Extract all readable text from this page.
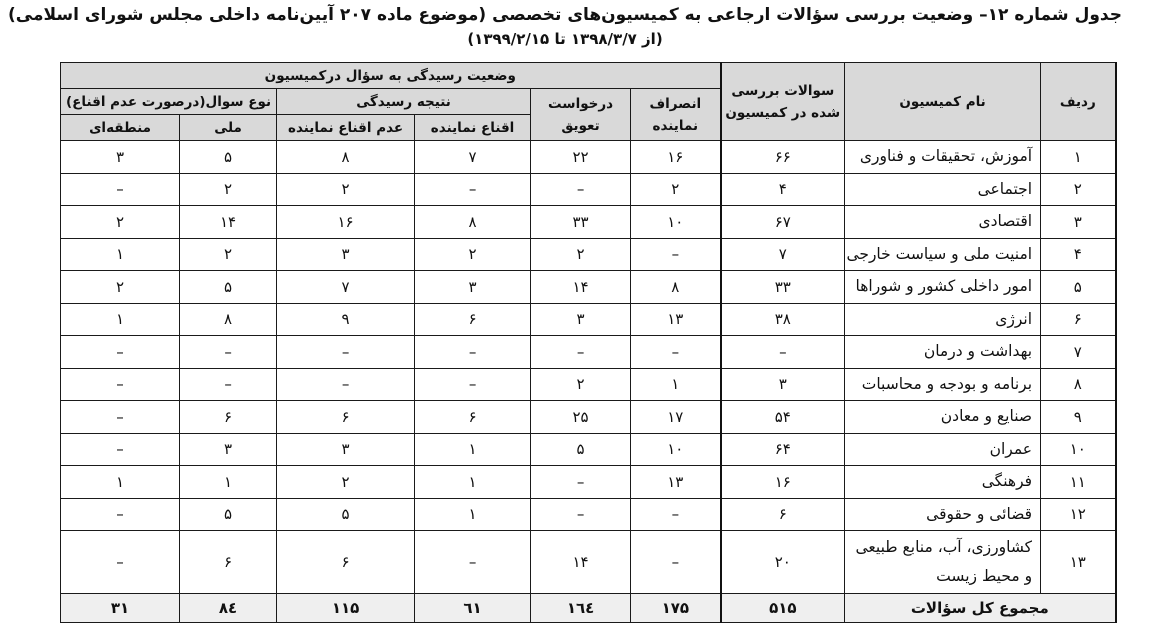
جدول شماره ۱۲– وضعیت بررسی سؤالات ارجاعی به کمیسیون‌های تخصصی (موضوع ماده ۲۰۷ آیین‌نامه داخلی مجلس شورای اسلامی)
(از ۱۳۹۸/۳/۷ تا ۱۳۹۹/۲/۱۵)
ردیف	نام کمیسیون	سوالات بررسی شده در کمیسیون	وضعیت رسیدگی به سؤال درکمیسیون					
			انصراف نماینده	درخواست تعویق	نتیجه رسیدگی		نوع سوال(درصورت عدم اقناع)	
					اقناع نماینده	عدم اقناع نماینده	ملی	منطقه‌ای
۱	آموزش، تحقیقات و فناوری	۶۶	۱۶	۲۲	۷	۸	۵	۳
۲	اجتماعی	۴	۲	–	–	۲	۲	–
۳	اقتصادی	۶۷	۱۰	۳۳	۸	۱۶	۱۴	۲
۴	امنیت ملی و سیاست خارجی	۷	–	۲	۲	۳	۲	۱
۵	امور داخلی کشور و شوراها	۳۳	۸	۱۴	۳	۷	۵	۲
۶	انرژی	۳۸	۱۳	۳	۶	۹	۸	۱
۷	بهداشت و درمان	–	–	–	–	–	–	–
۸	برنامه و بودجه و محاسبات	۳	۱	۲	–	–	–	–
۹	صنایع و معادن	۵۴	۱۷	۲۵	۶	۶	۶	–
۱۰	عمران	۶۴	۱۰	۵	۱	۳	۳	–
۱۱	فرهنگی	۱۶	۱۳	–	۱	۲	۱	۱
۱۲	قضائی و حقوقی	۶	–	–	۱	۵	۵	–
۱۳	کشاورزی، آب، منابع طبیعی و محیط زیست	۲۰	–	۱۴	–	۶	۶	–
مجموع کل سؤالات		۵۱۵	۱۷۵	۱٦٤	٦١	۱۱۵	۸٤	۳۱
